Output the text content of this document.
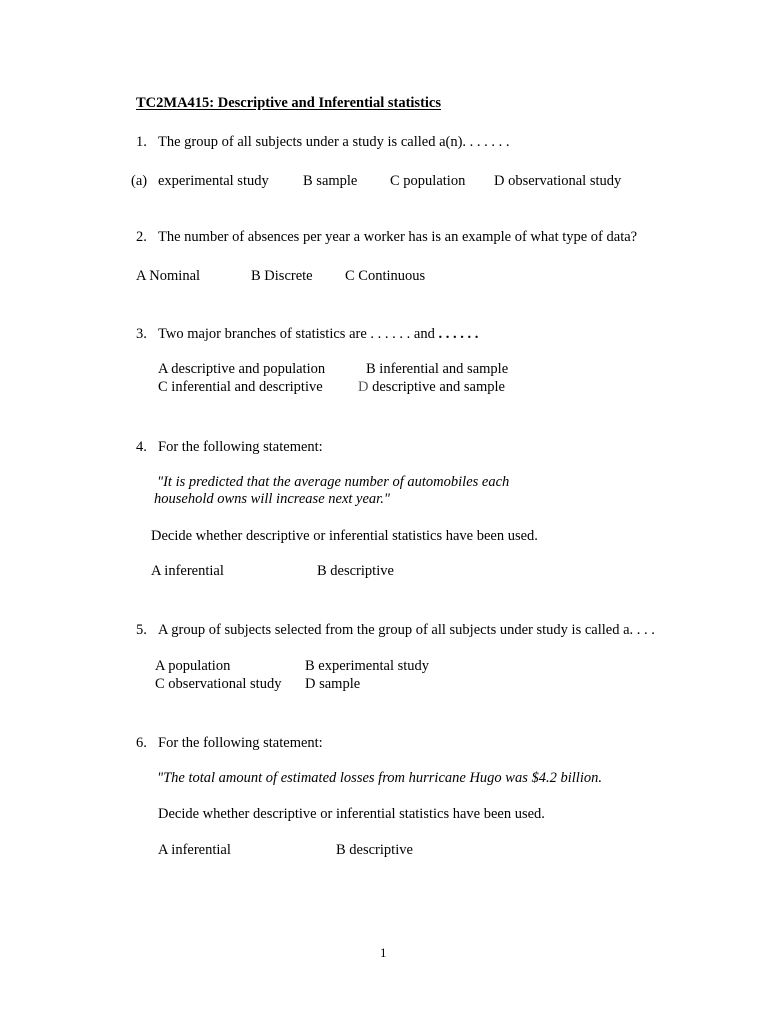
TC2MA415: Descriptive and Inferential statistics
1. The group of all subjects under a study is called a(n). . . . . . .
(a) experimental study B sample C population D observational study
2. The number of absences per year a worker has is an example of what type of data?
A Nominal	B Discrete C Continuous
3. Two major branches of statistics are . . . . . . and . . . . . .
A descriptive and population	B inferential and sample
C inferential and descriptive D descriptive and sample
4. For the following statement:
"It is predicted that the average number of automobiles each
household owns will increase next year."
Decide whether descriptive or inferential statistics have been used.
A inferential	B descriptive
5. A group of subjects selected from the group of all subjects under study is called a. . . .
A population	B experimental study
C observational study D sample
6. For the following statement:
"The total amount of estimated losses from hurricane Hugo was $4.2 billion.
Decide whether descriptive or inferential statistics have been used.
A inferential	B descriptive
1
